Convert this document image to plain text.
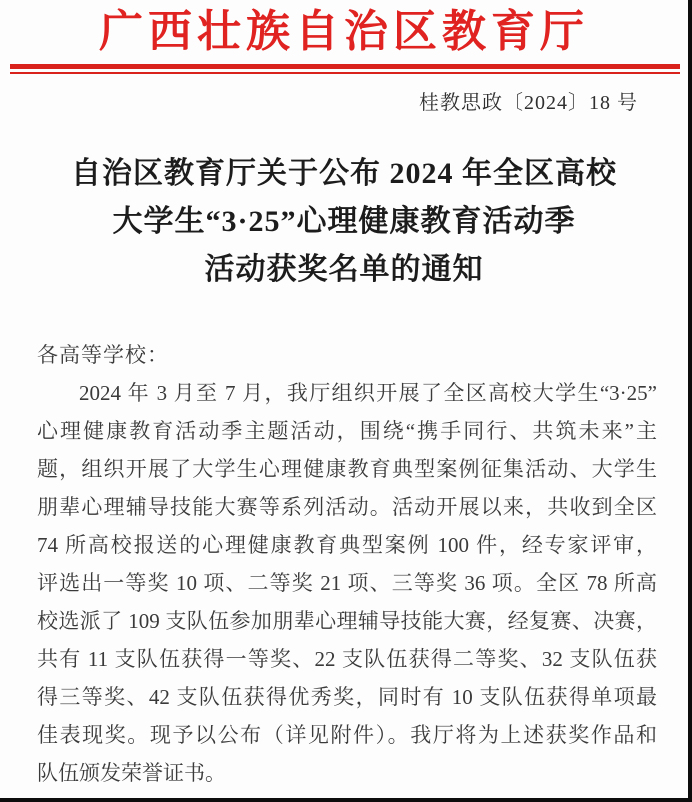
广西壮族自治区教育厅
桂教思政〔2024〕18 号
自治区教育厅关于公布 2024 年全区高校
大学生“3·25”心理健康教育活动季
活动获奖名单的通知
各高等学校：
2024 年 3 月至 7 月，我厅组织开展了全区高校大学生“3·25”
心理健康教育活动季主题活动，围绕“携手同行、共筑未来”主
题，组织开展了大学生心理健康教育典型案例征集活动、大学生
朋辈心理辅导技能大赛等系列活动。活动开展以来，共收到全区
74 所高校报送的心理健康教育典型案例 100 件，经专家评审，
评选出一等奖 10 项、二等奖 21 项、三等奖 36 项。全区 78 所高
校选派了 109 支队伍参加朋辈心理辅导技能大赛，经复赛、决赛，
共有 11 支队伍获得一等奖、22 支队伍获得二等奖、32 支队伍获
得三等奖、42 支队伍获得优秀奖，同时有 10 支队伍获得单项最
佳表现奖。现予以公布（详见附件）。我厅将为上述获奖作品和
队伍颁发荣誉证书。
